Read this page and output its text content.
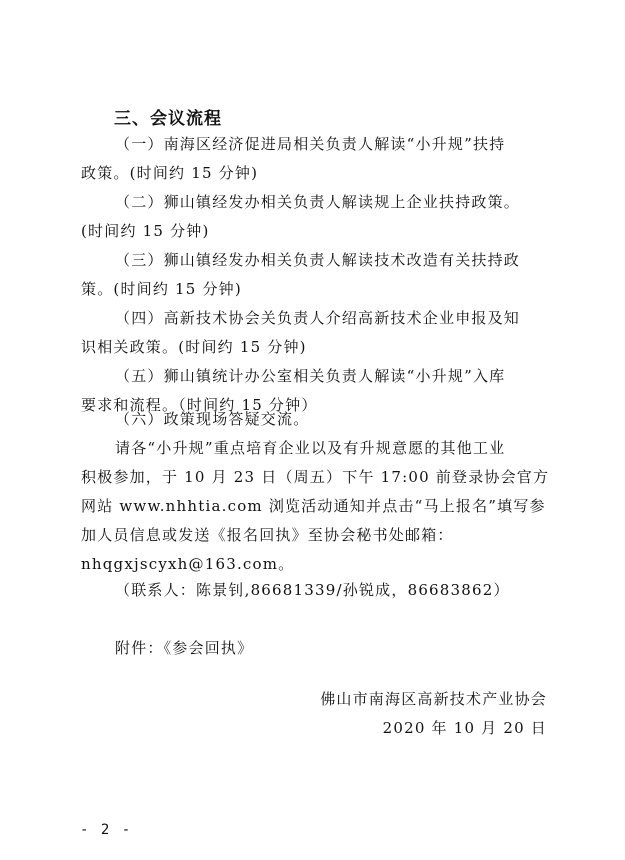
三、会议流程
（一）南海区经济促进局相关负责人解读“小升规”扶持
政策。(时间约 15 分钟)
（二）狮山镇经发办相关负责人解读规上企业扶持政策。
(时间约 15 分钟)
（三）狮山镇经发办相关负责人解读技术改造有关扶持政
策。(时间约 15 分钟)
（四）高新技术协会关负责人介绍高新技术企业申报及知
识相关政策。(时间约 15 分钟)
（五）狮山镇统计办公室相关负责人解读“小升规”入库
要求和流程。（时间约 15 分钟）
（六）政策现场答疑交流。
请各“小升规”重点培育企业以及有升规意愿的其他工业
积极参加，于 10 月 23 日（周五）下午 17:00 前登录协会官方
网站 www.nhhtia.com 浏览活动通知并点击“马上报名”填写参
加人员信息或发送《报名回执》至协会秘书处邮箱：
nhqgxjscyxh@163.com。
（联系人：陈景钊,86681339/孙锐成，86683862）
附件：《参会回执》
佛山市南海区高新技术产业协会
2020 年 10 月 20 日
- 2 -
